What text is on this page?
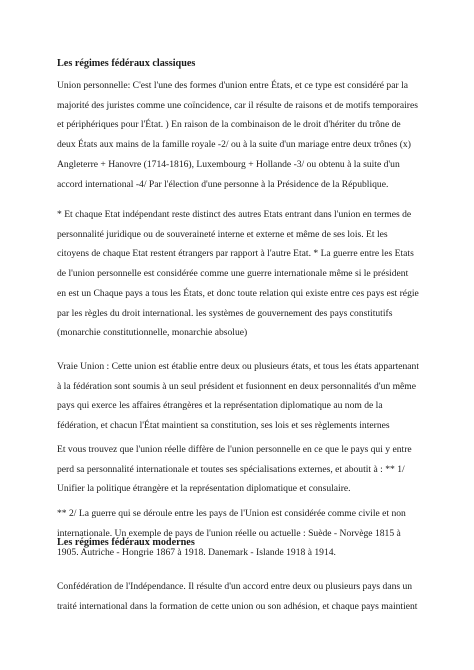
Les régimes fédéraux classiques

Union personnelle: C'est l'une des formes d'union entre États, et ce type est considéré par la
majorité des juristes comme une coïncidence, car il résulte de raisons et de motifs temporaires
et périphériques pour l'État. ) En raison de la combinaison de le droit d'hériter du trône de
deux États aux mains de la famille royale -2/ ou à la suite d'un mariage entre deux trônes (x)
Angleterre + Hanovre (1714-1816), Luxembourg + Hollande -3/ ou obtenu à la suite d'un
accord international -4/ Par l'élection d'une personne à la Présidence de la République.

* Et chaque Etat indépendant reste distinct des autres Etats entrant dans l'union en termes de
personnalité juridique ou de souveraineté interne et externe et même de ses lois. Et les
citoyens de chaque Etat restent étrangers par rapport à l'autre Etat. * La guerre entre les Etats
de l'union personnelle est considérée comme une guerre internationale même si le président
en est un Chaque pays a tous les États, et donc toute relation qui existe entre ces pays est régie
par les règles du droit international. les systèmes de gouvernement des pays constitutifs
(monarchie constitutionnelle, monarchie absolue)

Vraie Union : Cette union est établie entre deux ou plusieurs états, et tous les états appartenant
à la fédération sont soumis à un seul président et fusionnent en deux personnalités d'un même
pays qui exerce les affaires étrangères et la représentation diplomatique au nom de la
fédération, et chacun l'État maintient sa constitution, ses lois et ses règlements internes

Et vous trouvez que l'union réelle diffère de l'union personnelle en ce que le pays qui y entre
perd sa personnalité internationale et toutes ses spécialisations externes, et aboutit à : ** 1/
Unifier la politique étrangère et la représentation diplomatique et consulaire.

** 2/ La guerre qui se déroule entre les pays de l'Union est considérée comme civile et non
internationale. Un exemple de pays de l'union réelle ou actuelle : Suède - Norvège 1815 à
1905. Autriche - Hongrie 1867 à 1918. Danemark - Islande 1918 à 1914.

Les régimes fédéraux modernes

Confédération de l'Indépendance. Il résulte d'un accord entre deux ou plusieurs pays dans un
traité international dans la formation de cette union ou son adhésion, et chaque pays maintient
